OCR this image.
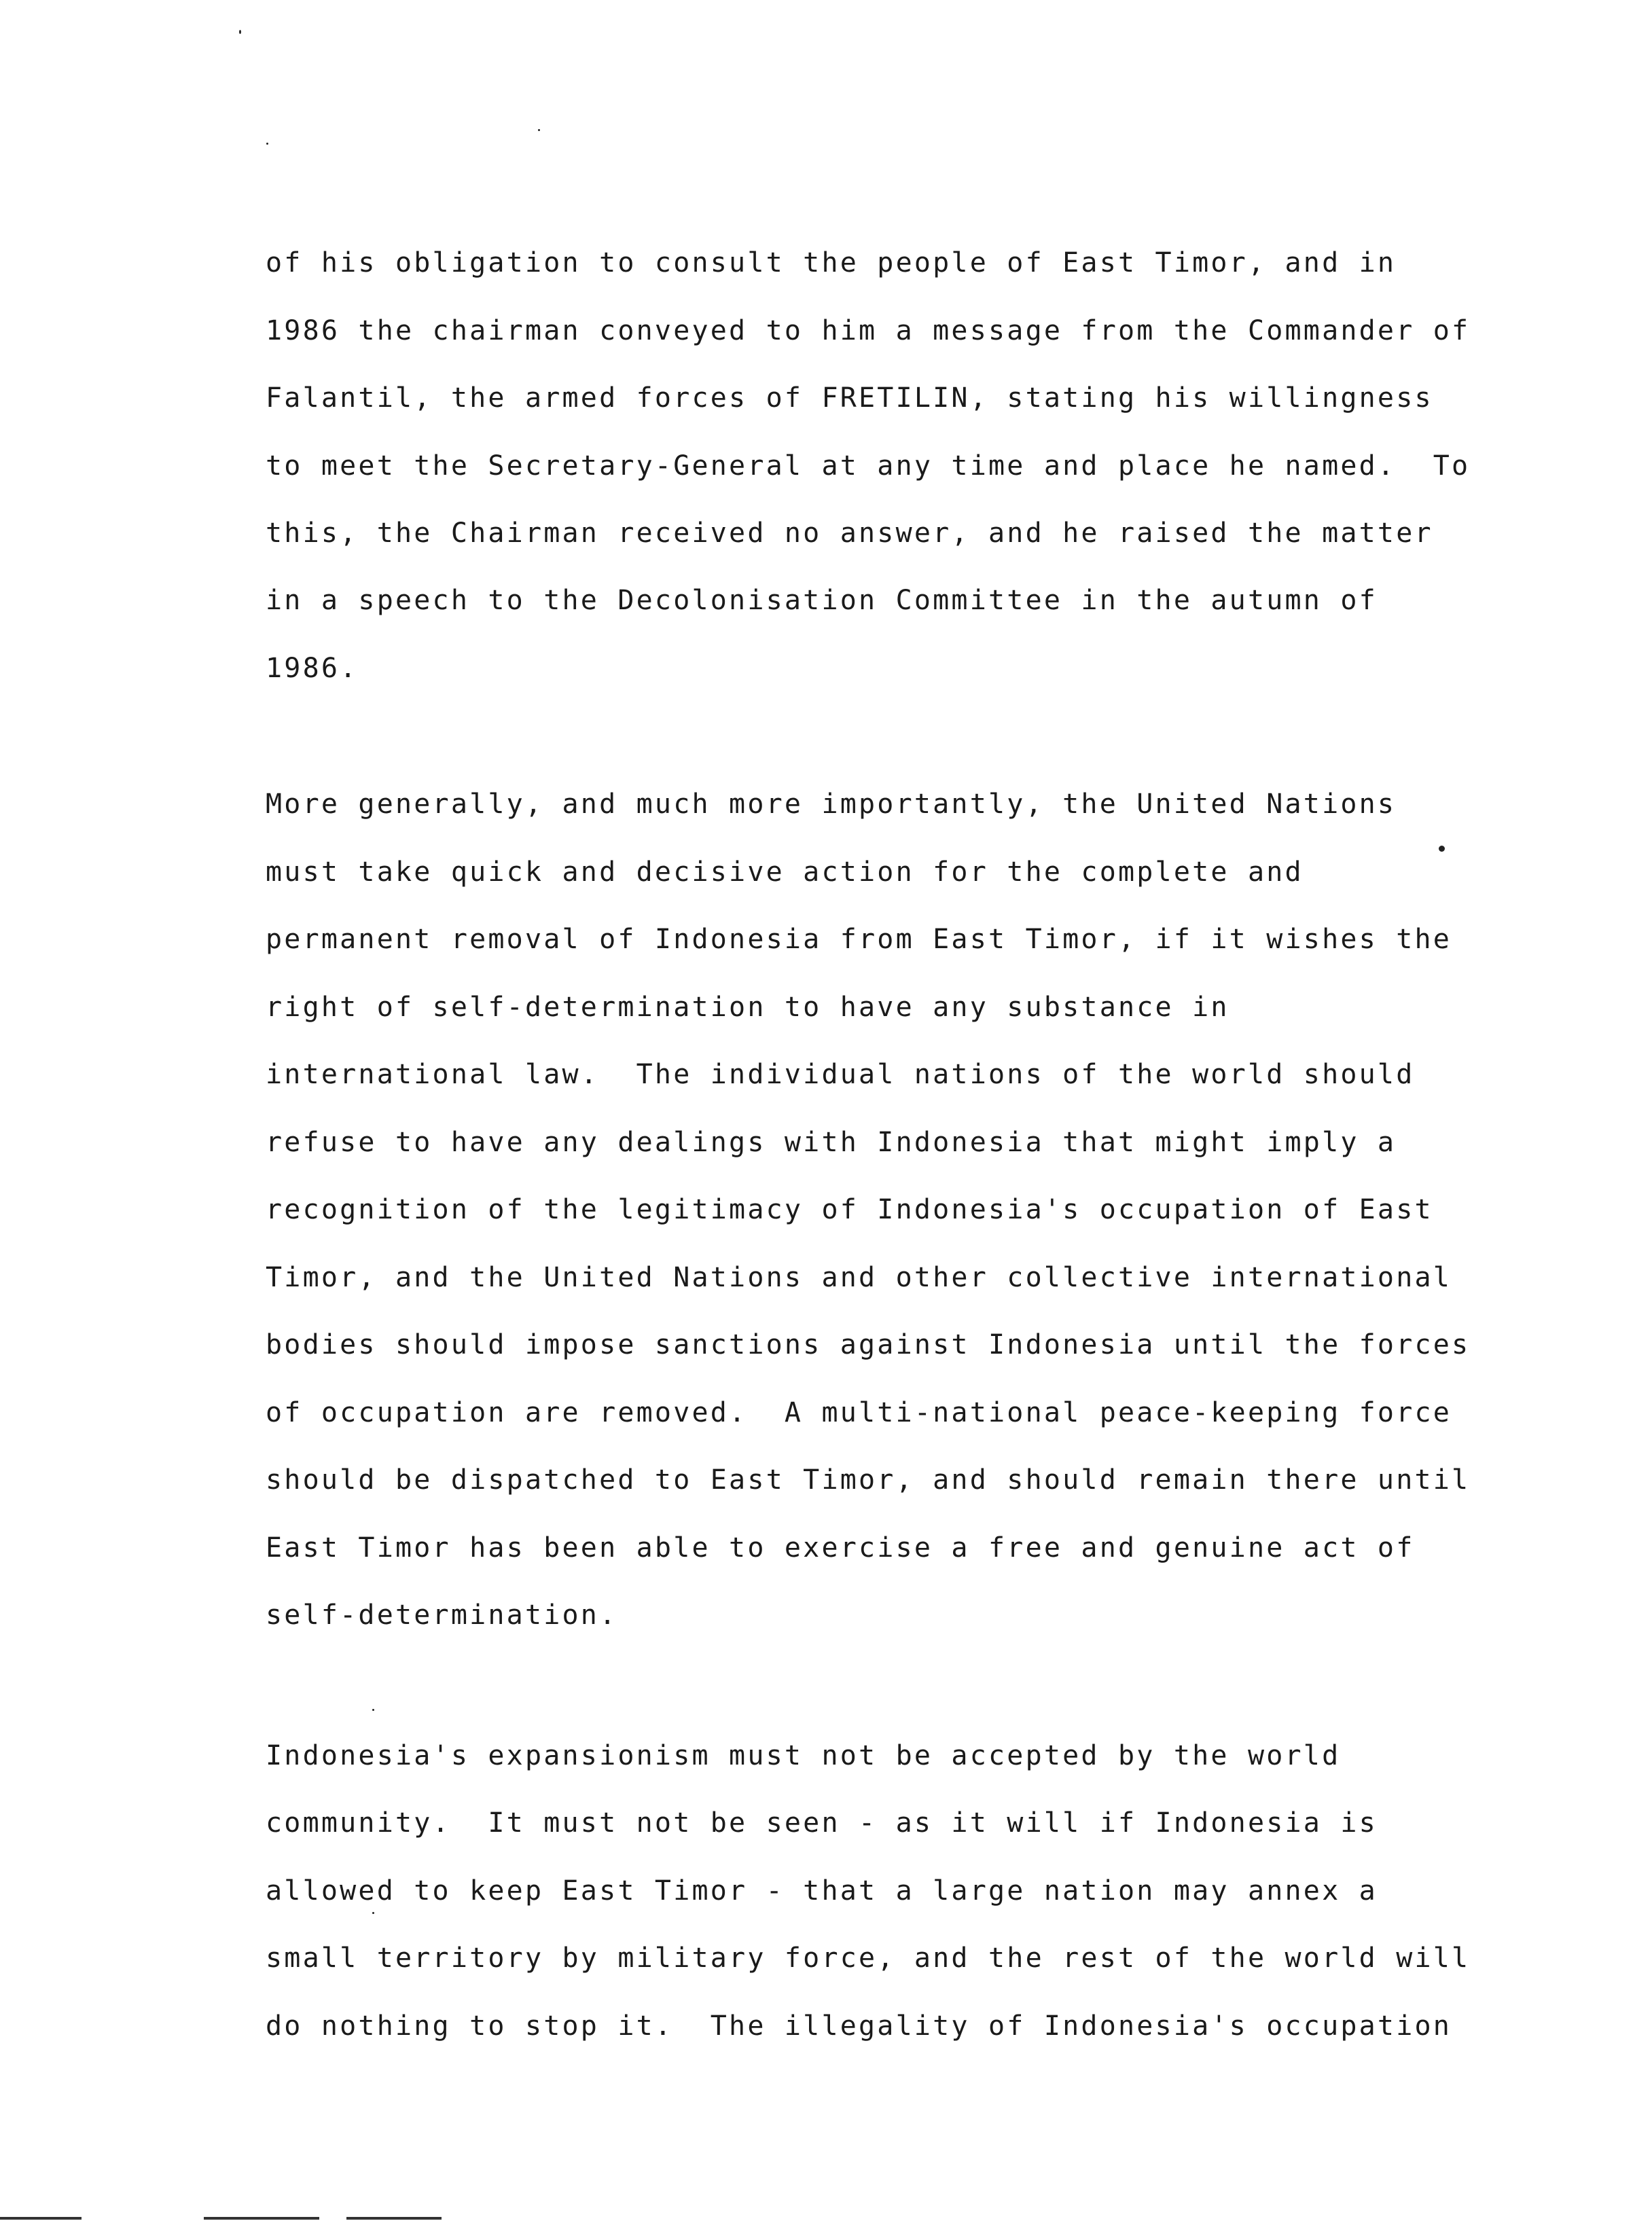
of his obligation to consult the people of East Timor, and in
1986 the chairman conveyed to him a message from the Commander of
Falantil, the armed forces of FRETILIN, stating his willingness
to meet the Secretary-General at any time and place he named.  To
this, the Chairman received no answer, and he raised the matter
in a speech to the Decolonisation Committee in the autumn of
1986.
More generally, and much more importantly, the United Nations
must take quick and decisive action for the complete and
permanent removal of Indonesia from East Timor, if it wishes the
right of self-determination to have any substance in
international law.  The individual nations of the world should
refuse to have any dealings with Indonesia that might imply a
recognition of the legitimacy of Indonesia's occupation of East
Timor, and the United Nations and other collective international
bodies should impose sanctions against Indonesia until the forces
of occupation are removed.  A multi-national peace-keeping force
should be dispatched to East Timor, and should remain there until
East Timor has been able to exercise a free and genuine act of
self-determination.
Indonesia's expansionism must not be accepted by the world
community.  It must not be seen - as it will if Indonesia is
allowed to keep East Timor - that a large nation may annex a
small territory by military force, and the rest of the world will
do nothing to stop it.  The illegality of Indonesia's occupation
